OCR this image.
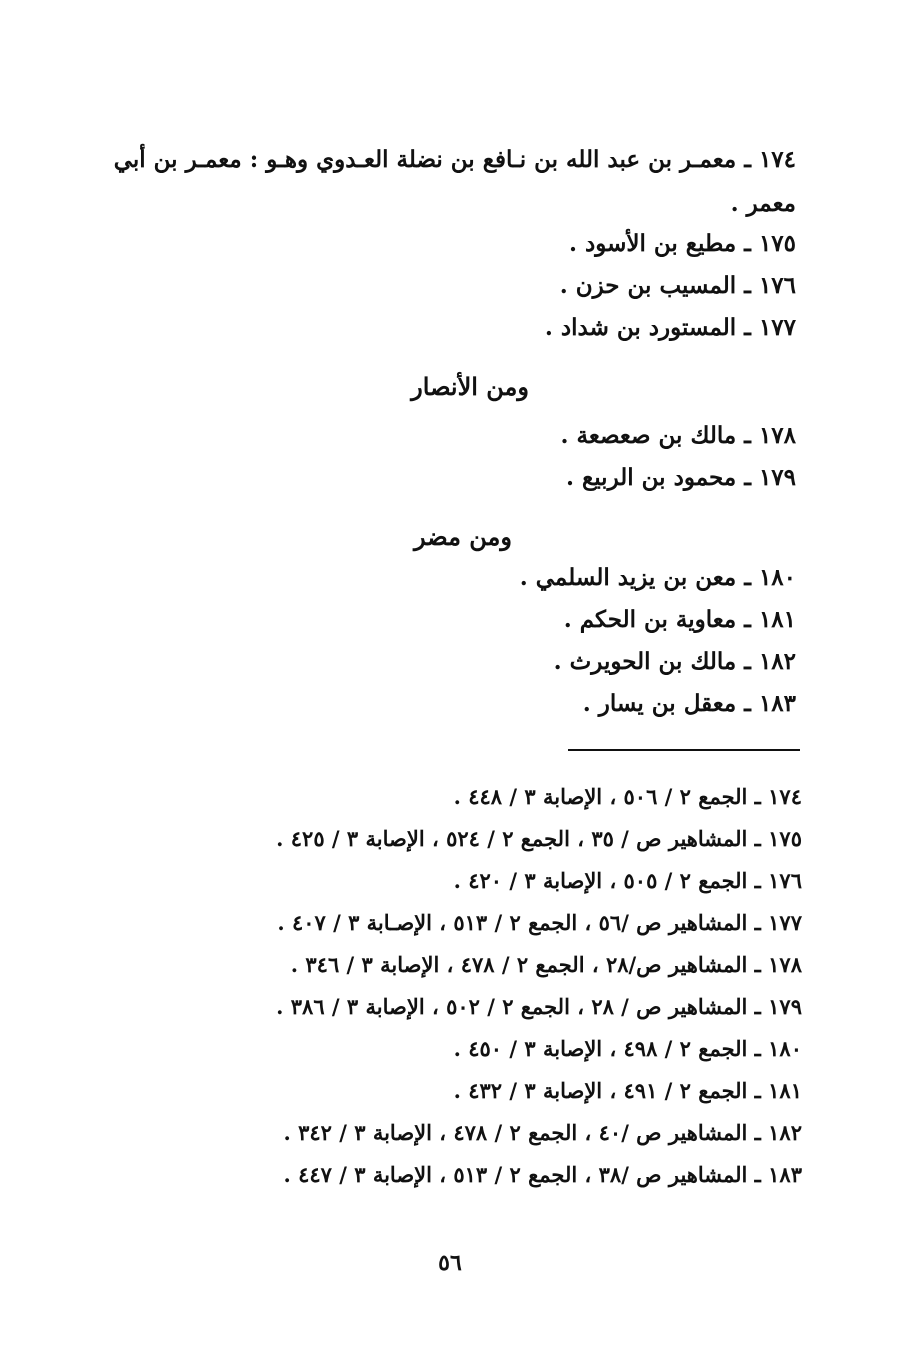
١٧٤ ـ معمـر بن عبد الله بن نـافع بن نضلة العـدوي وهـو : معمـر بن أبي
معمر .
١٧٥ ـ مطيع بن الأسود .
١٧٦ ـ المسيب بن حزن .
١٧٧ ـ المستورد بن شداد .
ومن الأنصار
١٧٨ ـ مالك بن صعصعة .
١٧٩ ـ محمود بن الربيع .
ومن مضر
١٨٠ ـ معن بن يزيد السلمي .
١٨١ ـ معاوية بن الحكم .
١٨٢ ـ مالك بن الحويرث .
١٨٣ ـ معقل بن يسار .
١٧٤ ـ الجمع ٢ / ٥٠٦ ، الإصابة ٣ / ٤٤٨ .
١٧٥ ـ المشاهير ص / ٣٥ ، الجمع ٢ / ٥٢٤ ، الإصابة ٣ / ٤٢٥ .
١٧٦ ـ الجمع ٢ / ٥٠٥ ، الإصابة ٣ / ٤٢٠ .
١٧٧ ـ المشاهير ص /٥٦ ، الجمع ٢ / ٥١٣ ، الإصـابة ٣ / ٤٠٧ .
١٧٨ ـ المشاهير ص/٢٨ ، الجمع ٢ / ٤٧٨ ، الإصابة ٣ / ٣٤٦ .
١٧٩ ـ المشاهير ص / ٢٨ ، الجمع ٢ / ٥٠٢ ، الإصابة ٣ / ٣٨٦ .
١٨٠ ـ الجمع ٢ / ٤٩٨ ، الإصابة ٣ / ٤٥٠ .
١٨١ ـ الجمع ٢ / ٤٩١ ، الإصابة ٣ / ٤٣٢ .
١٨٢ ـ المشاهير ص /٤٠ ، الجمع ٢ / ٤٧٨ ، الإصابة ٣ / ٣٤٢ .
١٨٣ ـ المشاهير ص /٣٨ ، الجمع ٢ / ٥١٣ ، الإصابة ٣ / ٤٤٧ .
٥٦
